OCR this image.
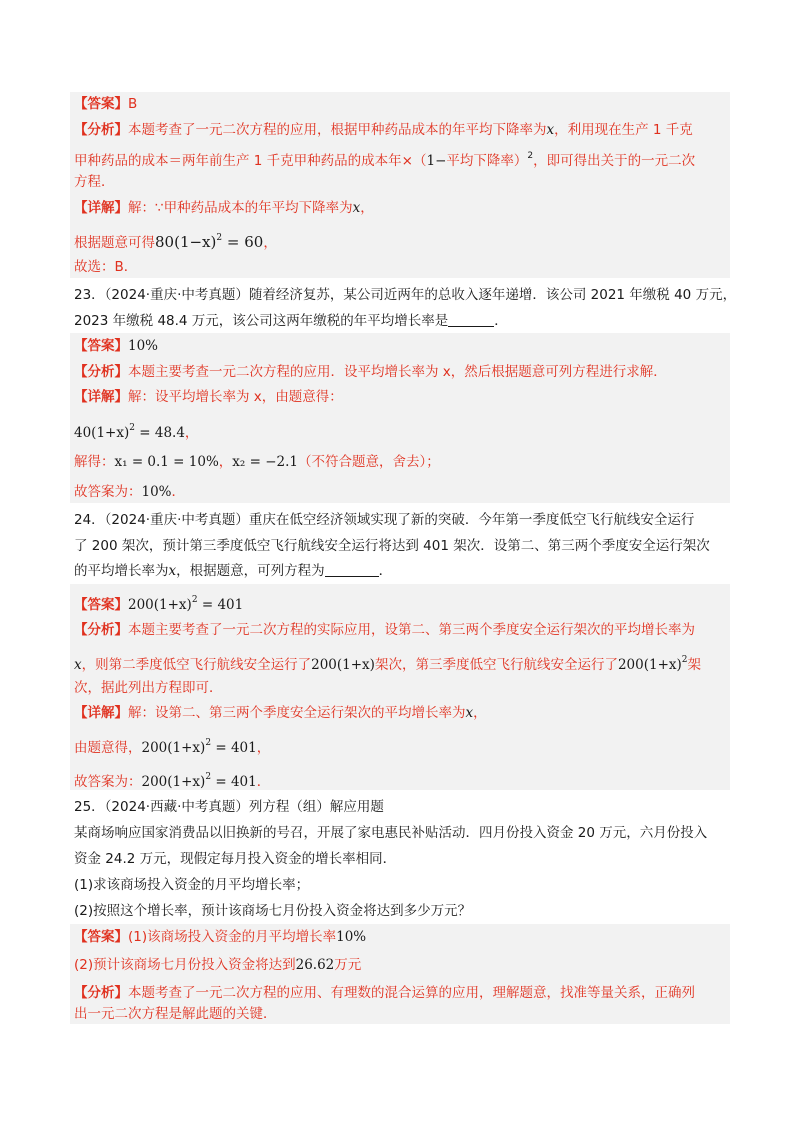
【答案】B
【分析】本题考查了一元二次方程的应用，根据甲种药品成本的年平均下降率为x，利用现在生产 1 千克
甲种药品的成本＝两年前生产 1 千克甲种药品的成本年×（1−平均下降率）$^2$，即可得出关于的一元二次
方程．
【详解】解：∵甲种药品成本的年平均下降率为x，
根据题意可得$80(1-x)^2 = 60$，
故选：B．
23．（2024·重庆·中考真题）随着经济复苏，某公司近两年的总收入逐年递增．该公司 2021 年缴税 40 万元，
2023 年缴税 48.4 万元，该公司这两年缴税的年平均增长率是	．
【答案】10%
【分析】本题主要考查一元二次方程的应用．设平均增长率为 x，然后根据题意可列方程进行求解．
【详解】解：设平均增长率为 x，由题意得：
$40(1+x)^2 = 48.4$，
解得：x₁ = 0.1 = 10%，x₂ = −2.1（不符合题意，舍去）；
故答案为：10%．
24．（2024·重庆·中考真题）重庆在低空经济领域实现了新的突破．今年第一季度低空飞行航线安全运行
了 200 架次，预计第三季度低空飞行航线安全运行将达到 401 架次．设第二、第三两个季度安全运行架次
的平均增长率为x，根据题意，可列方程为	．
【答案】$200(1+x)^2 = 401$
【分析】本题主要考查了一元二次方程的实际应用，设第二、第三两个季度安全运行架次的平均增长率为
x，则第二季度低空飞行航线安全运行了200(1+x)架次，第三季度低空飞行航线安全运行了$200(1+x)^2$架
次，据此列出方程即可．
【详解】解：设第二、第三两个季度安全运行架次的平均增长率为x，
由题意得，$200(1+x)^2 = 401$，
故答案为：$200(1+x)^2 = 401$．
25．（2024·西藏·中考真题）列方程（组）解应用题
某商场响应国家消费品以旧换新的号召，开展了家电惠民补贴活动．四月份投入资金 20 万元，六月份投入
资金 24.2 万元，现假定每月投入资金的增长率相同．
(1)求该商场投入资金的月平均增长率；
(2)按照这个增长率，预计该商场七月份投入资金将达到多少万元？
【答案】(1)该商场投入资金的月平均增长率10%
(2)预计该商场七月份投入资金将达到26.62万元
【分析】本题考查了一元二次方程的应用、有理数的混合运算的应用，理解题意，找准等量关系，正确列
出一元二次方程是解此题的关键．
